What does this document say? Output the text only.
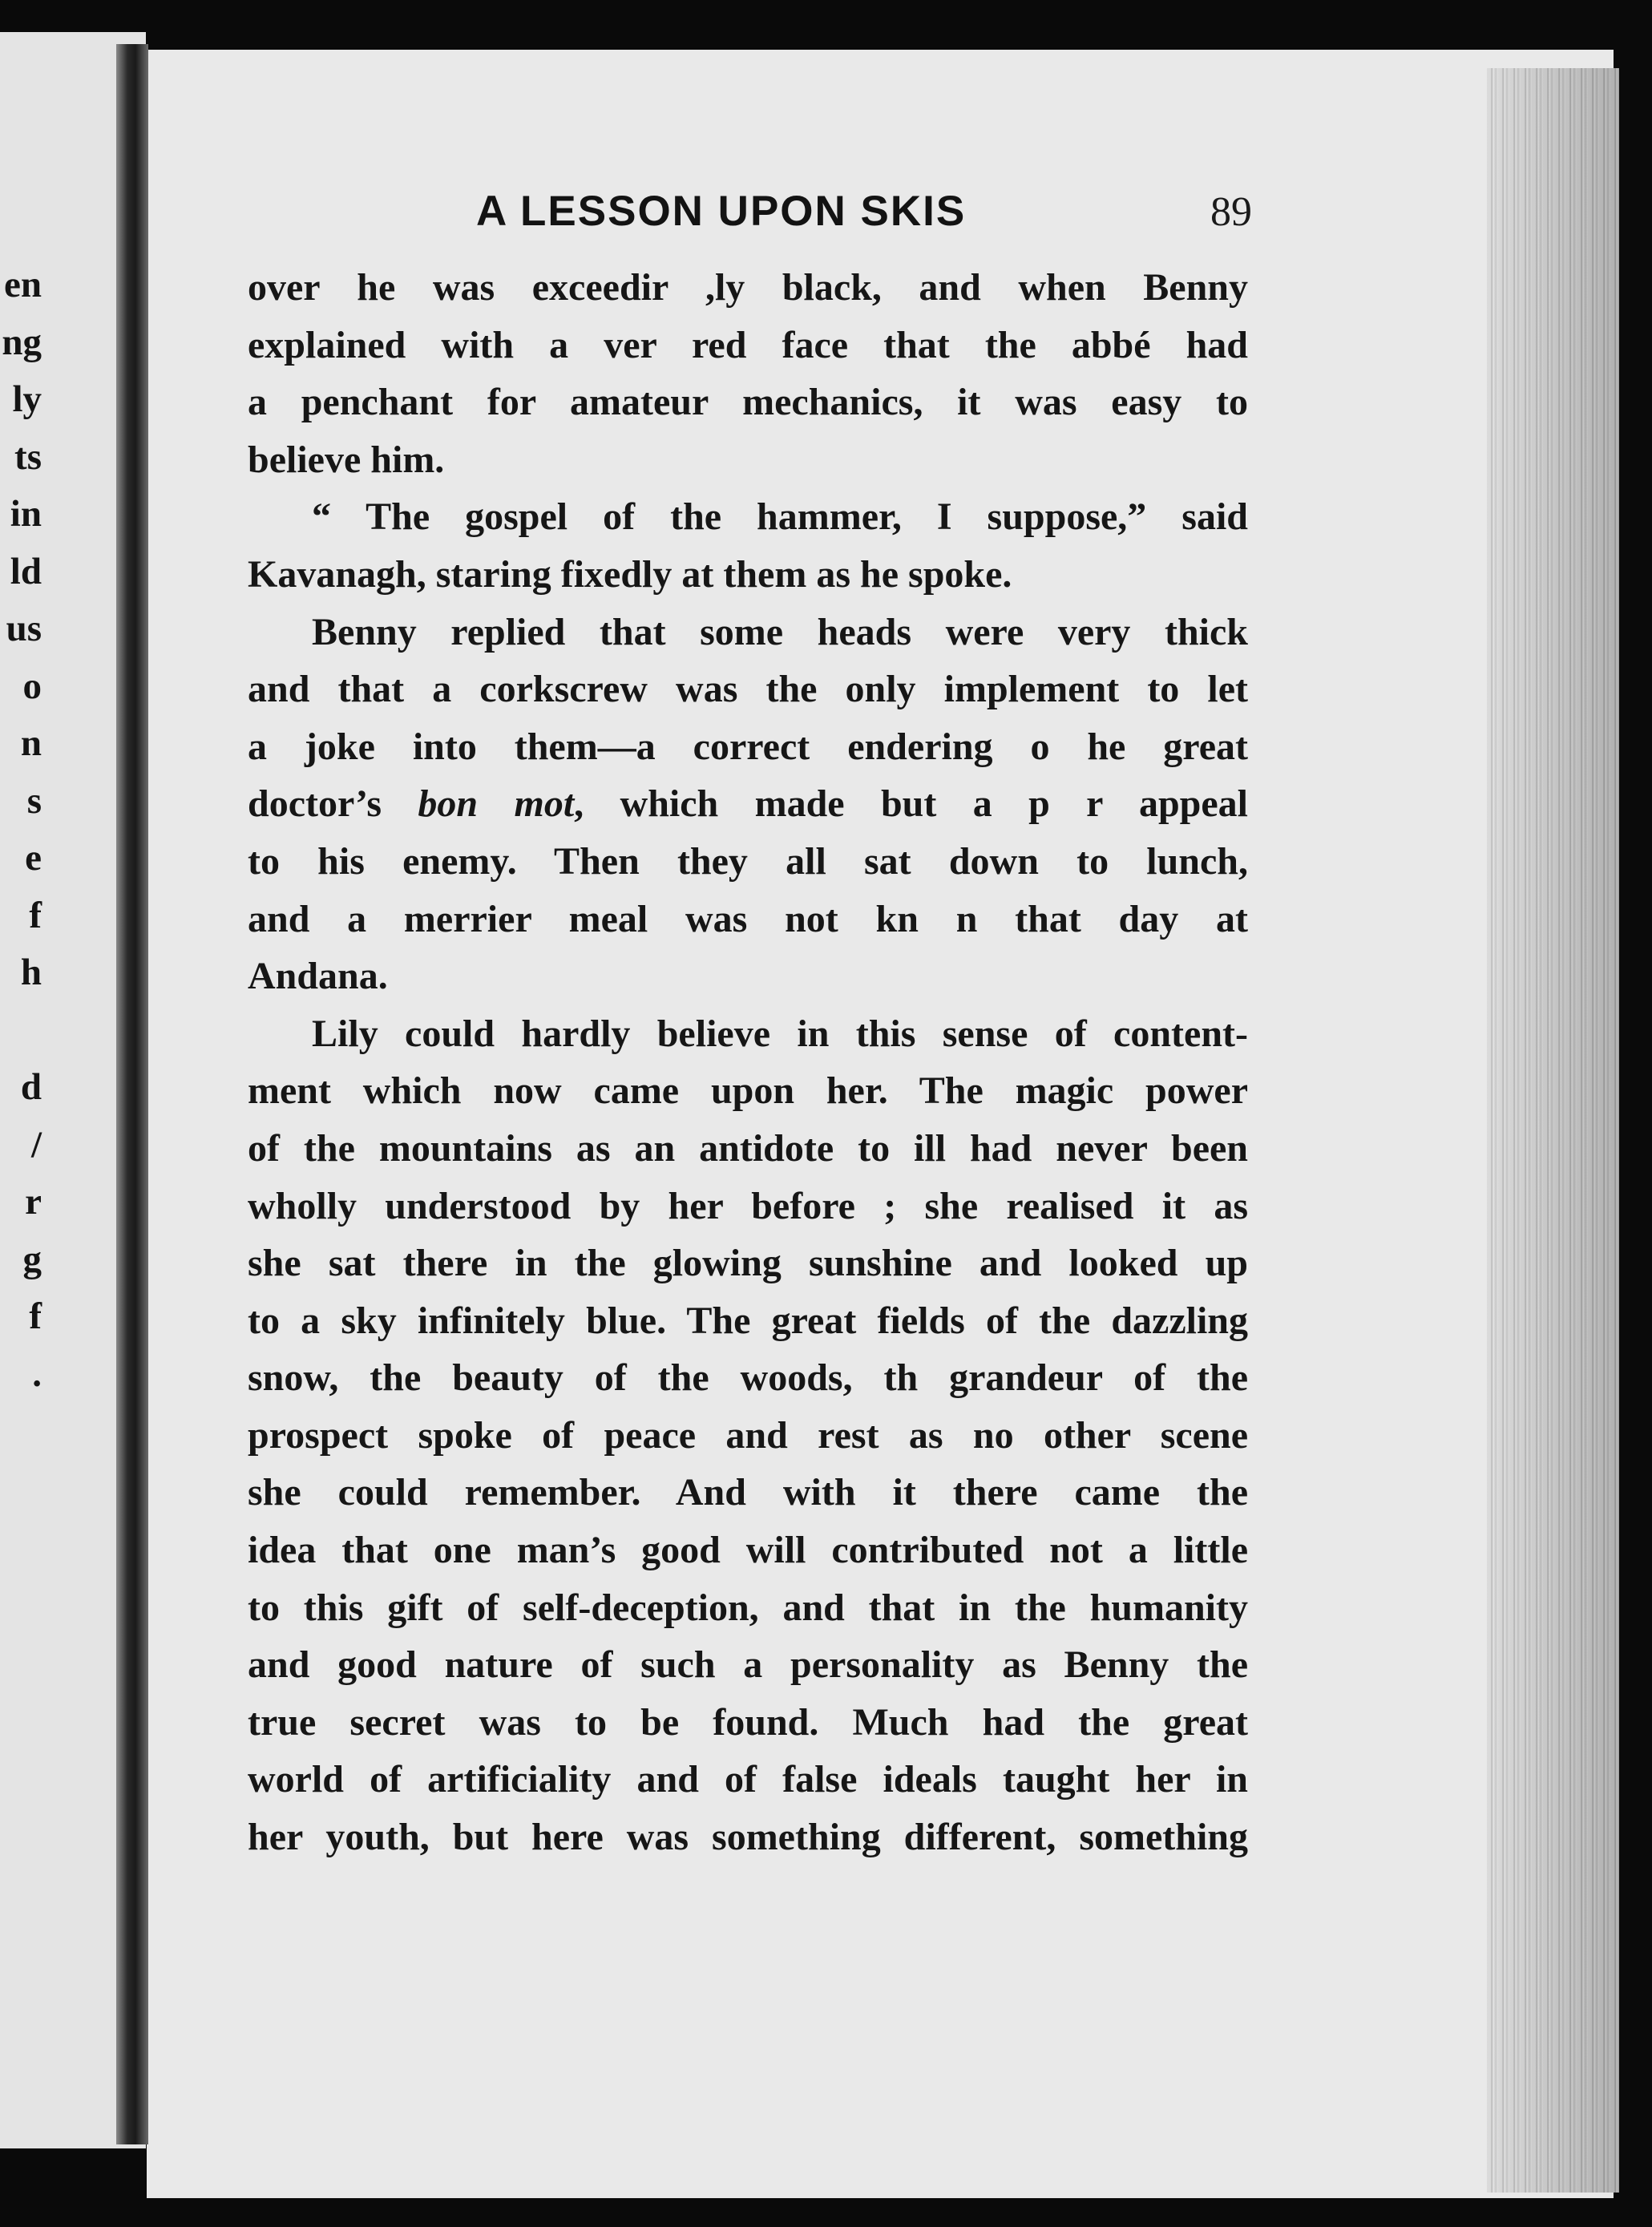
en
ng
ly
ts
in
ld
us
o
n
s
e
f
h
d
/
r
g
f
.
A LESSON UPON SKIS	89
over he was exceedir ,ly black, and when Benny
explained with a ver red face that the abbé had
a penchant for amateur mechanics, it was easy to
believe him.
“ The gospel of the hammer, I suppose,” said
Kavanagh, staring fixedly at them as he spoke.
Benny replied that some heads were very thick
and that a corkscrew was the only implement to let
a joke into them—a correct endering o he great
doctor’s bon mot, which made but a p r appeal
to his enemy. Then they all sat down to lunch,
and a merrier meal was not kn n that day at
Andana.
Lily could hardly believe in this sense of content-
ment which now came upon her. The magic power
of the mountains as an antidote to ill had never been
wholly understood by her before ; she realised it as
she sat there in the glowing sunshine and looked up
to a sky infinitely blue. The great fields of the dazzling
snow, the beauty of the woods, th grandeur of the
prospect spoke of peace and rest as no other scene
she could remember. And with it there came the
idea that one man’s good will contributed not a little
to this gift of self-deception, and that in the humanity
and good nature of such a personality as Benny the
true secret was to be found. Much had the great
world of artificiality and of false ideals taught her in
her youth, but here was something different, something
